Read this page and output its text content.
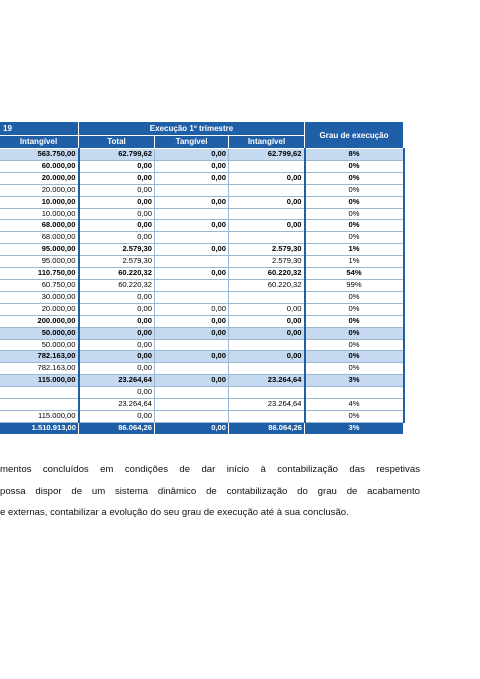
19	Execução 1º trimestre			Grau de execução
Intangível	Total	Tangível	Intangível	
563.750,00	62.799,62	0,00	62.799,62	8%
60.000,00	0,00	0,00		0%
20.000,00	0,00	0,00	0,00	0%
20.000,00	0,00			0%
10.000,00	0,00	0,00	0,00	0%
10.000,00	0,00			0%
68.000,00	0,00	0,00	0,00	0%
68.000,00	0,00			0%
95.000,00	2.579,30	0,00	2.579,30	1%
95.000,00	2.579,30		2.579,30	1%
110.750,00	60.220,32	0,00	60.220,32	54%
60.750,00	60.220,32		60.220,32	99%
30.000,00	0,00			0%
20.000,00	0,00	0,00	0,00	0%
200.000,00	0,00	0,00	0,00	0%
50.000,00	0,00	0,00	0,00	0%
50.000,00	0,00			0%
782.163,00	0,00	0,00	0,00	0%
782.163,00	0,00			0%
115.000,00	23.264,64	0,00	23.264,64	3%
	0,00			
	23.264,64		23.264,64	4%
115.000,00	0,00			0%
1.510.913,00	86.064,26	0,00	86.064,26	3%
mentos concluídos em condições de dar início à contabilização das respetivas
possa dispor de um sistema dinâmico de contabilização do grau de acabamento
e externas, contabilizar a evolução do seu grau de execução até à sua conclusão.
